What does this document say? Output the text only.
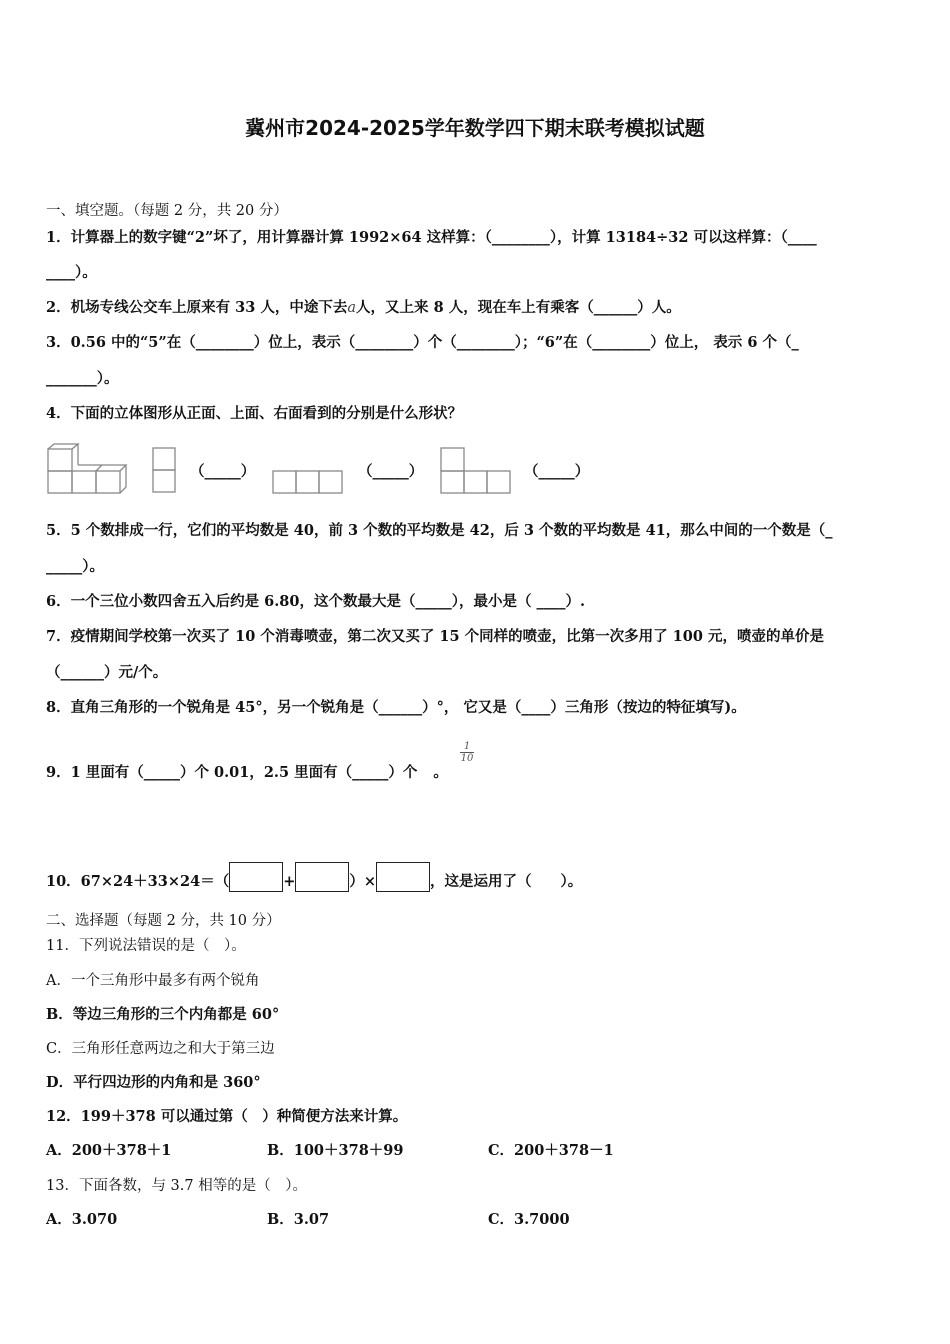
冀州市2024-2025学年数学四下期末联考模拟试题
一、填空题。（每题 2 分，共 20 分）
1．计算器上的数字键“2”坏了，用计算器计算 1992×64 这样算：（________），计算 13184÷32 可以这样算：（____
____）。
2．机场专线公交车上原来有 33 人，中途下去a人，又上来 8 人，现在车上有乘客（______）人。
3．0.56 中的“5”在（________）位上，表示（________）个（________）；“6”在（________）位上， 表示 6 个（_
_______）。
4．下面的立体图形从正面、上面、右面看到的分别是什么形状？
（_____）	（_____）	（_____）
5．5 个数排成一行，它们的平均数是 40，前 3 个数的平均数是 42，后 3 个数的平均数是 41，那么中间的一个数是（_
_____）。
6．一个三位小数四舍五入后约是 6.80，这个数最大是（_____），最小是（ ____）.
7．疫情期间学校第一次买了 10 个消毒喷壶，第二次又买了 15 个同样的喷壶，比第一次多用了 100 元，喷壶的单价是
（______）元/个。
8．直角三角形的一个锐角是 45°，另一个锐角是（______）°， 它又是（____）三角形（按边的特征填写)。
9．1 里面有（_____）个 0.01，2.5 里面有（_____）个 。
$\frac{1}{10}$
10．67×24＋33×24＝（	+	）×	，这是运用了（　　）。
二、选择题（每题 2 分，共 10 分）
11．下列说法错误的是（　）。
A．一个三角形中最多有两个锐角
B．等边三角形的三个内角都是 60°
C．三角形任意两边之和大于第三边
D．平行四边形的内角和是 360°
12．199＋378 可以通过第（　）种简便方法来计算。
A．200＋378＋1	B．100＋378＋99	C．200＋378－1
13．下面各数，与 3.7 相等的是（　）。
A．3.070	B．3.07	C．3.7000
